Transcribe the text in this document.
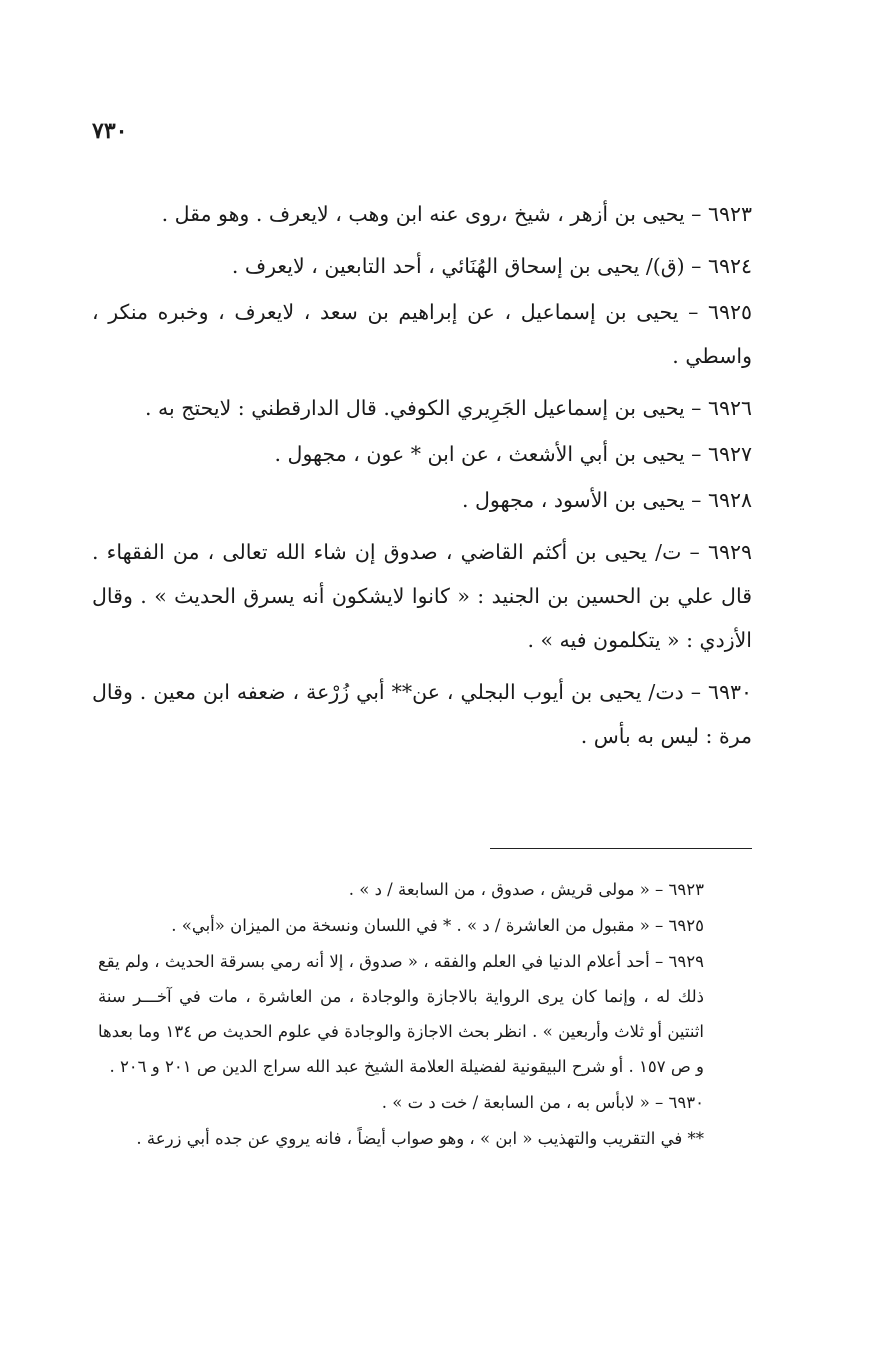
٧٣٠

٦٩٢٣ – يحيى بن أزهر ، شيخ ،روى عنه ابن وهب ، لايعرف . وهو مقل .

٦٩٢٤ – (ق)/ يحيى بن إسحاق الهُنَائي ، أحد التابعين ، لايعرف .

٦٩٢٥ – يحيى بن إسماعيل ، عن إبراهيم بن سعد ، لايعرف ، وخبره منكر ، واسطي .

٦٩٢٦ – يحيى بن إسماعيل الجَرِيري الكوفي. قال الدارقطني : لايحتج به .

٦٩٢٧ – يحيى بن أبي الأشعث ، عن ابن * عون ، مجهول .

٦٩٢٨ – يحيى بن الأسود ، مجهول .

٦٩٢٩ – ت/ يحيى بن أكثم القاضي ، صدوق إن شاء الله تعالى ، من الفقهاء . قال علي بن الحسين بن الجنيد : « كانوا لايشكون أنه يسرق الحديث » . وقال الأزدي : « يتكلمون فيه » .

٦٩٣٠ – دت/ يحيى بن أيوب البجلي ، عن** أبي زُرْعة ، ضعفه ابن معين . وقال مرة : ليس به بأس .

٦٩٢٣ – « مولى قريش ، صدوق ، من السابعة / د » .

٦٩٢٥ – « مقبول من العاشرة / د » . * في اللسان ونسخة من الميزان «أبي» .

٦٩٢٩ – أحد أعلام الدنيا في العلم والفقه ، « صدوق ، إلا أنه رمي بسرقة الحديث ، ولم يقع ذلك له ، وإنما كان يرى الرواية بالاجازة والوجادة ، من العاشرة ، مات في آخـــر سنة اثنتين أو ثلاث وأربعين » . انظر بحث الاجازة والوجادة في علوم الحديث ص ١٣٤ وما بعدها و ص ١٥٧ . أو شرح البيقونية لفضيلة العلامة الشيخ عبد الله سراج الدين ص ٢٠١ و ٢٠٦ .

٦٩٣٠ – « لابأس به ، من السابعة / خت د ت » .

** في التقريب والتهذيب « ابن » ، وهو صواب أيضاً ، فانه يروي عن جده أبي زرعة .
